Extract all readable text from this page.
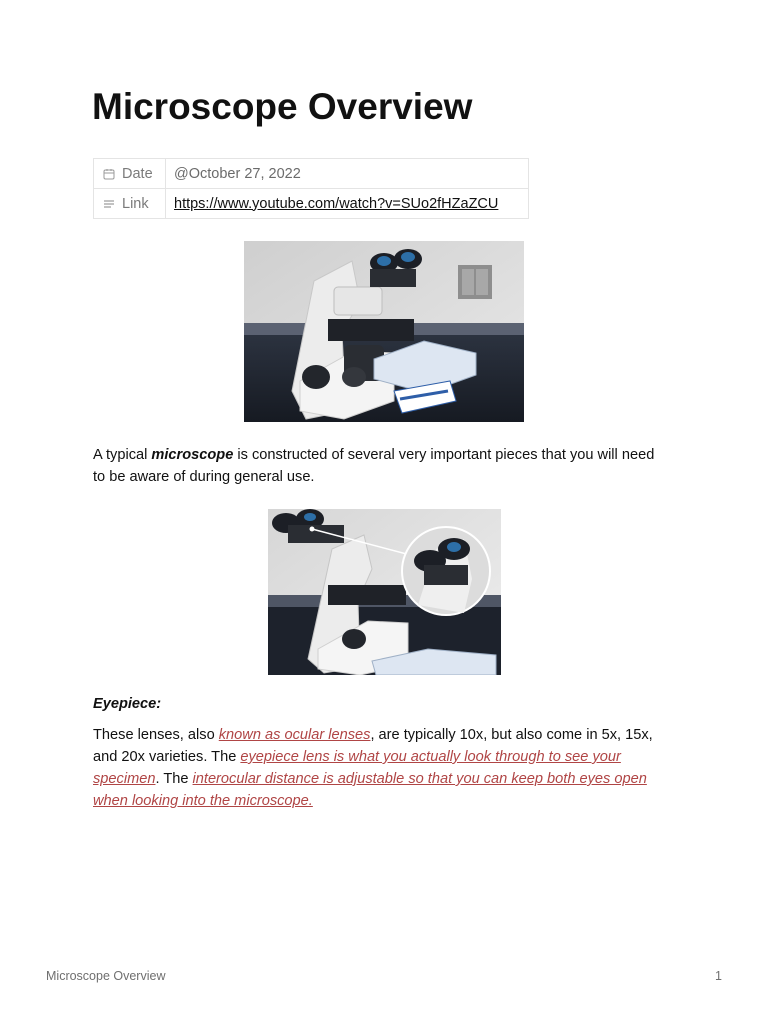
Microscope Overview
Date	@October 27, 2022
Link	https://www.youtube.com/watch?v=SUo2fHZaZCU

A typical microscope is constructed of several very important pieces that you will need to be aware of during general use.

Eyepiece:

These lenses, also known as ocular lenses, are typically 10x, but also come in 5x, 15x, and 20x varieties. The eyepiece lens is what you actually look through to see your specimen. The interocular distance is adjustable so that you can keep both eyes open when looking into the microscope.

Microscope Overview	1
